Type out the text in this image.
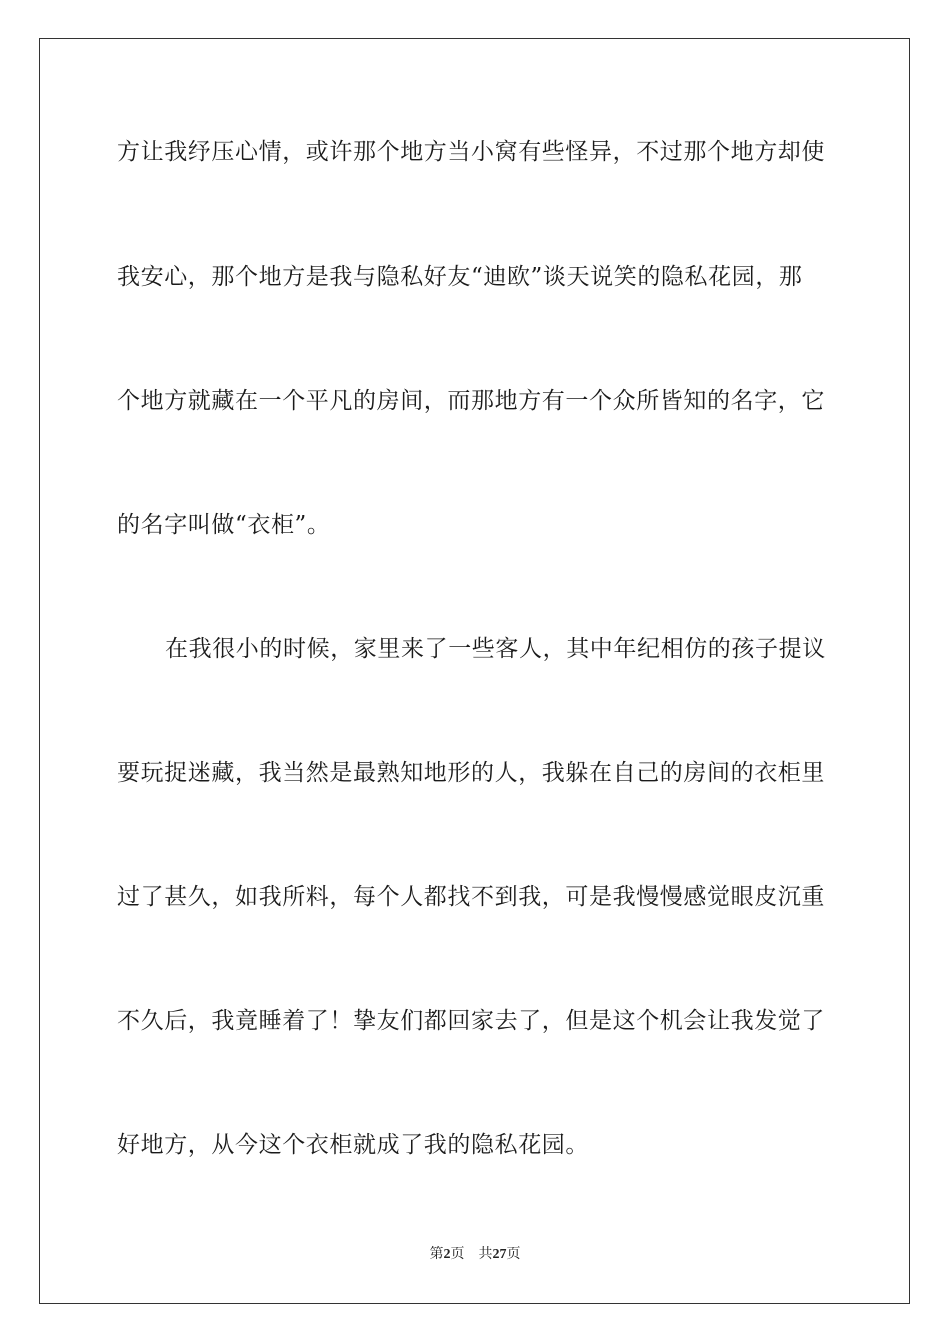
方让我纾压心情，或许那个地方当小窝有些怪异，不过那个地方却使
我安心，那个地方是我与隐私好友“迪欧”谈天说笑的隐私花园，那
个地方就藏在一个平凡的房间，而那地方有一个众所皆知的名字，它
的名字叫做“衣柜”。
在我很小的时候，家里来了一些客人，其中年纪相仿的孩子提议
要玩捉迷藏，我当然是最熟知地形的人，我躲在自己的房间的衣柜里
过了甚久，如我所料，每个人都找不到我，可是我慢慢感觉眼皮沉重
不久后，我竟睡着了！挚友们都回家去了，但是这个机会让我发觉了
好地方，从今这个衣柜就成了我的隐私花园。
第2页 共27页
